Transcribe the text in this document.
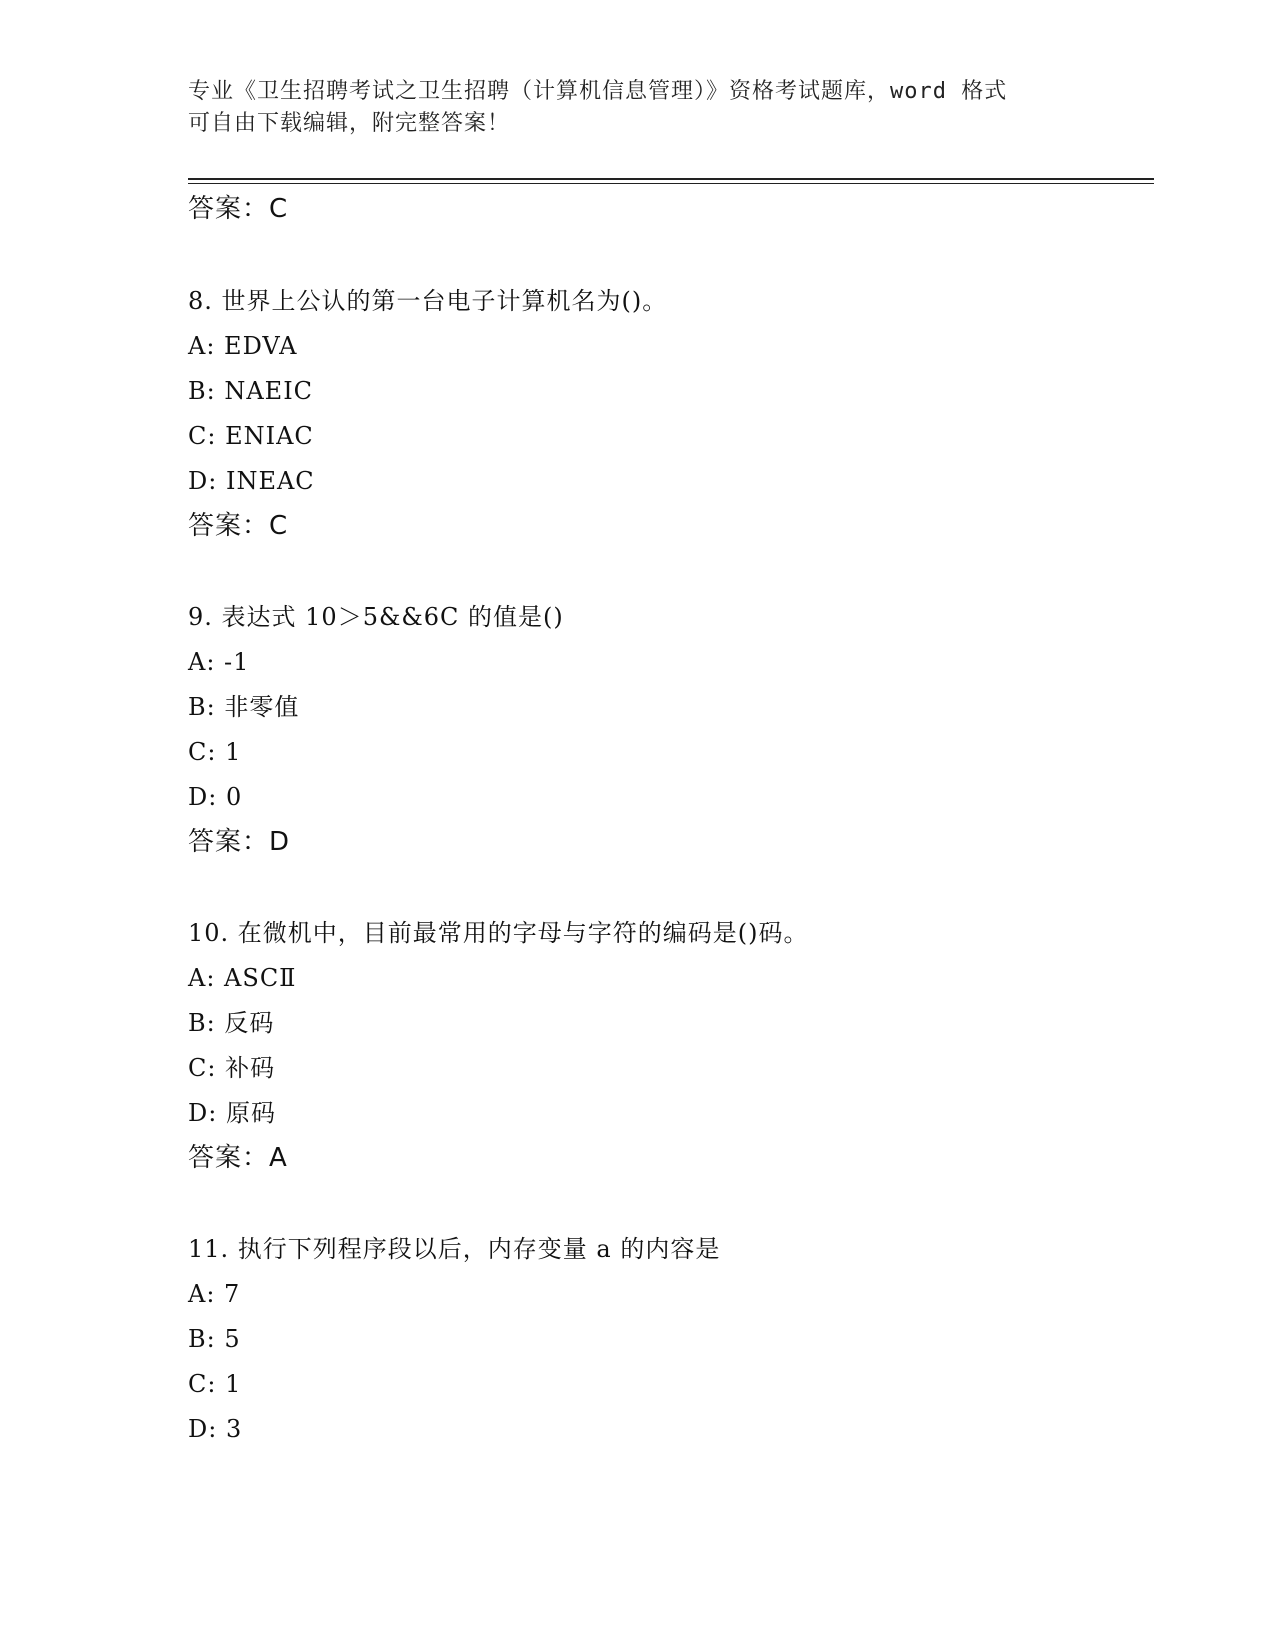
专业《卫生招聘考试之卫生招聘（计算机信息管理）》资格考试题库，word 格式
可自由下载编辑，附完整答案！
答案：C
8. 世界上公认的第一台电子计算机名为()。
A: EDVA
B: NAEIC
C: ENIAC
D: INEAC
答案：C
9. 表达式 10＞5&&6C 的值是()
A: -1
B: 非零值
C: 1
D: 0
答案：D
10. 在微机中，目前最常用的字母与字符的编码是()码。
A: ASCⅡ
B: 反码
C: 补码
D: 原码
答案：A
11. 执行下列程序段以后，内存变量 a 的内容是
A: 7
B: 5
C: 1
D: 3
